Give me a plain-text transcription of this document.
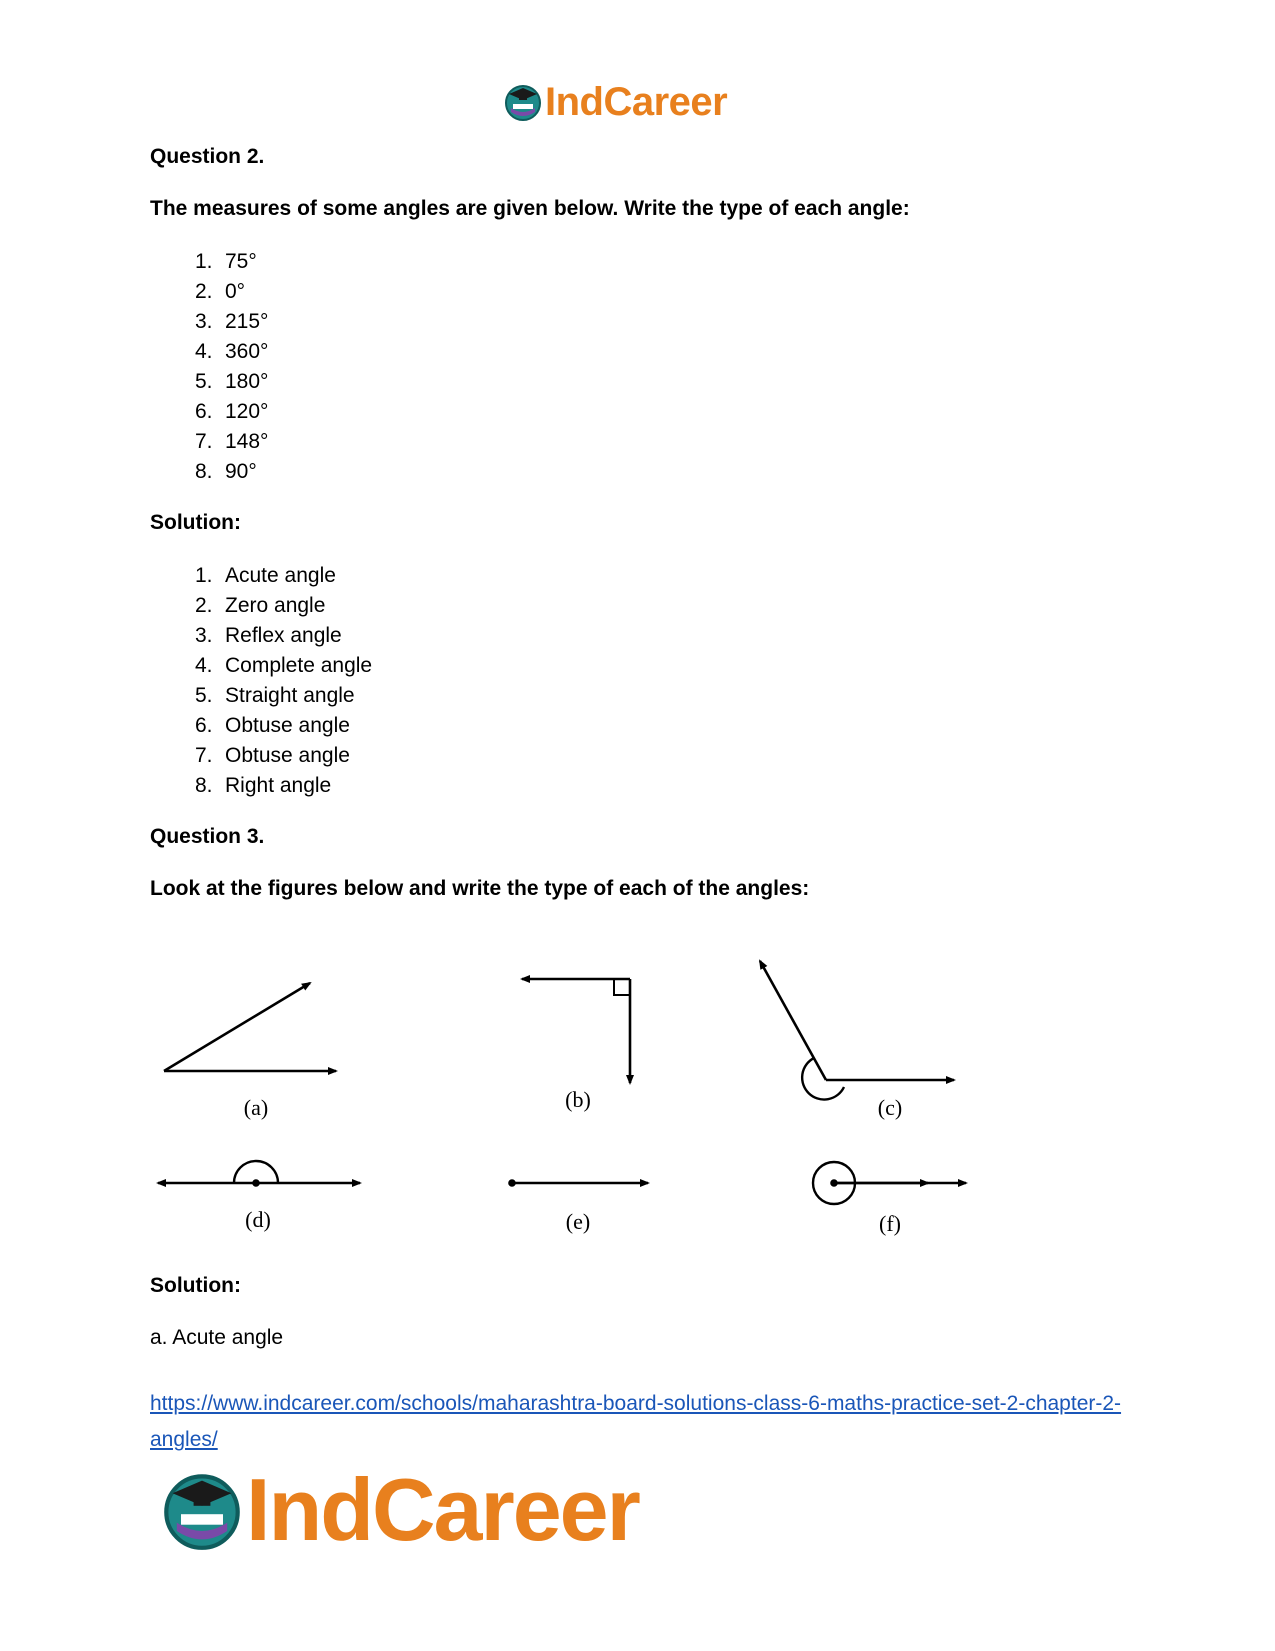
IndCareer

Question 2.

The measures of some angles are given below. Write the type of each angle:

1. 75°
2. 0°
3. 215°
4. 360°
5. 180°
6. 120°
7. 148°
8. 90°

Solution:

1. Acute angle
2. Zero angle
3. Reflex angle
4. Complete angle
5. Straight angle
6. Obtuse angle
7. Obtuse angle
8. Right angle

Question 3.

Look at the figures below and write the type of each of the angles:

(a)	(b)	(c)
(d)	(e)	(f)

Solution:

a. Acute angle

https://www.indcareer.com/schools/maharashtra-board-solutions-class-6-maths-practice-set-2-chapter-2-angles/
IndCareer
